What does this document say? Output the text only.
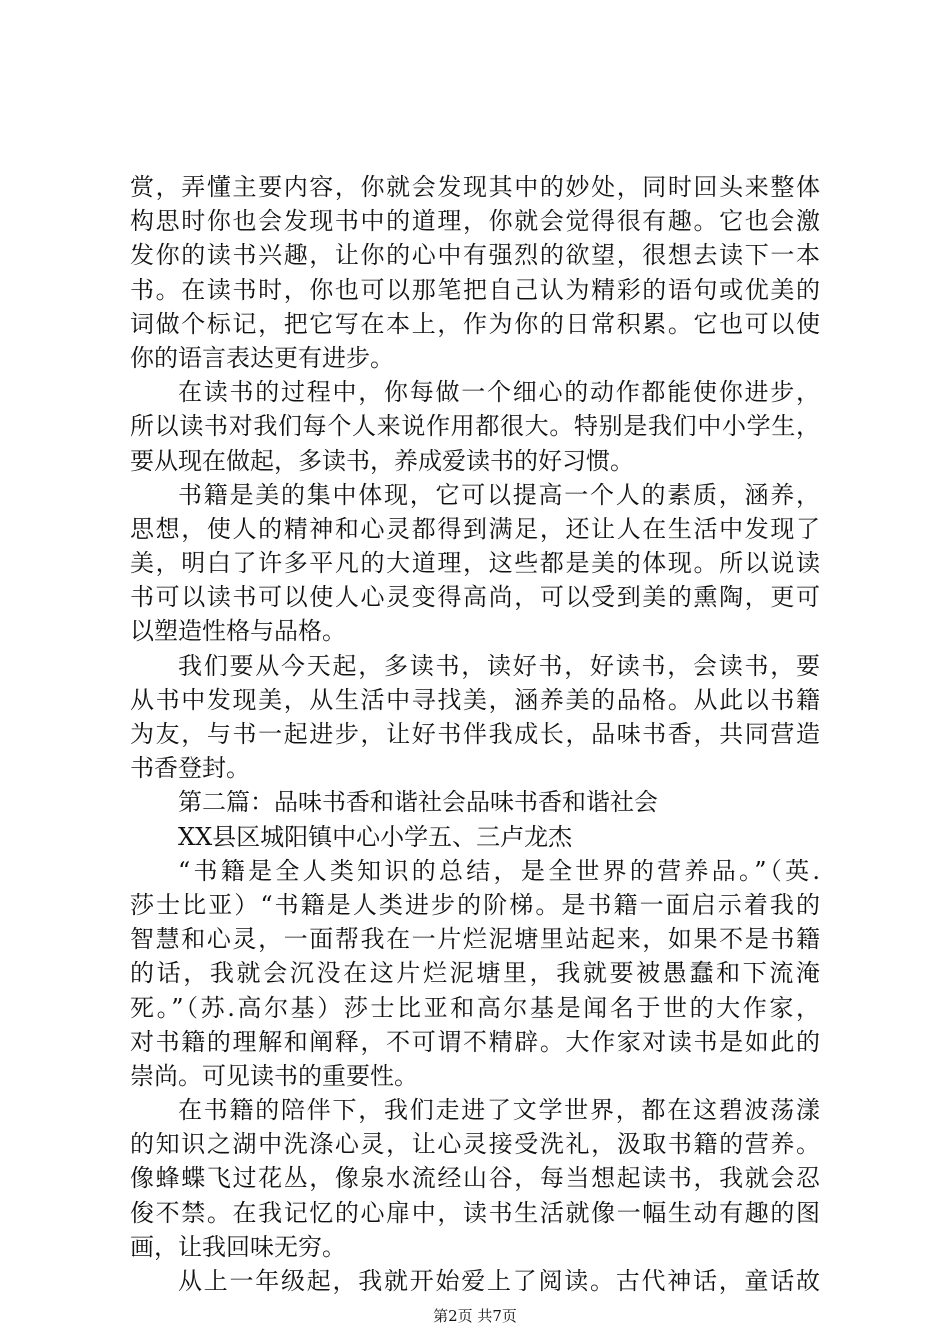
赏，弄懂主要内容，你就会发现其中的妙处，同时回头来整体
构思时你也会发现书中的道理，你就会觉得很有趣。它也会激
发你的读书兴趣，让你的心中有强烈的欲望，很想去读下一本
书。在读书时，你也可以那笔把自己认为精彩的语句或优美的
词做个标记，把它写在本上，作为你的日常积累。它也可以使
你的语言表达更有进步。
在读书的过程中，你每做一个细心的动作都能使你进步，
所以读书对我们每个人来说作用都很大。特别是我们中小学生，
要从现在做起，多读书，养成爱读书的好习惯。
书籍是美的集中体现，它可以提高一个人的素质，涵养，
思想，使人的精神和心灵都得到满足，还让人在生活中发现了
美，明白了许多平凡的大道理，这些都是美的体现。所以说读
书可以读书可以使人心灵变得高尚，可以受到美的熏陶，更可
以塑造性格与品格。
我们要从今天起，多读书，读好书，好读书，会读书，要
从书中发现美，从生活中寻找美，涵养美的品格。从此以书籍
为友，与书一起进步，让好书伴我成长，品味书香，共同营造
书香登封。
第二篇：品味书香和谐社会品味书香和谐社会
XX县区城阳镇中心小学五、三卢龙杰
“书籍是全人类知识的总结，是全世界的营养品。”（英.
莎士比亚）“书籍是人类进步的阶梯。是书籍一面启示着我的
智慧和心灵，一面帮我在一片烂泥塘里站起来，如果不是书籍
的话，我就会沉没在这片烂泥塘里，我就要被愚蠢和下流淹
死。”（苏.高尔基）莎士比亚和高尔基是闻名于世的大作家，
对书籍的理解和阐释，不可谓不精辟。大作家对读书是如此的
崇尚。可见读书的重要性。
在书籍的陪伴下，我们走进了文学世界，都在这碧波荡漾
的知识之湖中洗涤心灵，让心灵接受洗礼，汲取书籍的营养。
像蜂蝶飞过花丛，像泉水流经山谷，每当想起读书，我就会忍
俊不禁。在我记忆的心扉中，读书生活就像一幅生动有趣的图
画，让我回味无穷。
从上一年级起，我就开始爱上了阅读。古代神话，童话故
第2页 共7页
